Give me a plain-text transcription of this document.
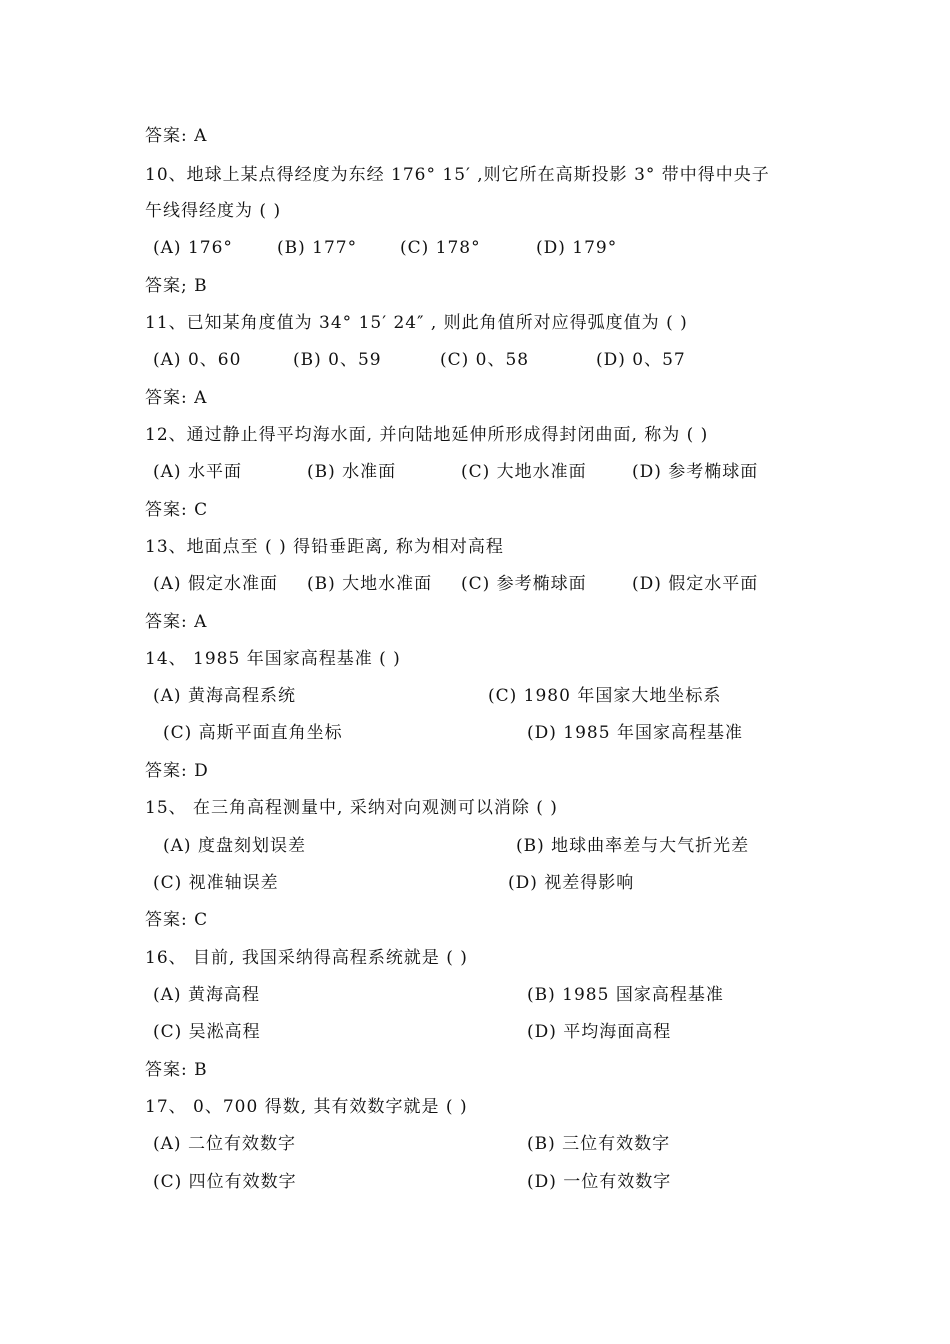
答案: A
10、地球上某点得经度为东经 176° 15′ ,则它所在高斯投影 3° 带中得中央子
午线得经度为 ( )
(A) 176°	(B) 177°	(C) 178°	(D) 179°
答案; B
11、已知某角度值为 34° 15′ 24″ , 则此角值所对应得弧度值为 ( )
(A) 0、60	(B) 0、59	(C) 0、58	(D) 0、57
答案: A
12、通过静止得平均海水面, 并向陆地延伸所形成得封闭曲面, 称为 ( )
(A) 水平面	(B) 水准面	(C) 大地水准面	(D) 参考椭球面
答案: C
13、地面点至 ( ) 得铅垂距离, 称为相对高程
(A) 假定水准面 (B) 大地水准面 (C) 参考椭球面	(D) 假定水平面
答案: A
14、 1985 年国家高程基准 ( )
(A) 黄海高程系统	(C) 1980 年国家大地坐标系
(C) 高斯平面直角坐标	(D) 1985 年国家高程基准
答案: D
15、 在三角高程测量中, 采纳对向观测可以消除 ( )
(A) 度盘刻划误差	(B) 地球曲率差与大气折光差
(C) 视准轴误差	(D) 视差得影响
答案: C
16、 目前, 我国采纳得高程系统就是 ( )
(A) 黄海高程	(B) 1985 国家高程基准
(C) 吴淞高程	(D) 平均海面高程
答案: B
17、 0、700 得数, 其有效数字就是 ( )
(A) 二位有效数字	(B) 三位有效数字
(C) 四位有效数字	(D) 一位有效数字
